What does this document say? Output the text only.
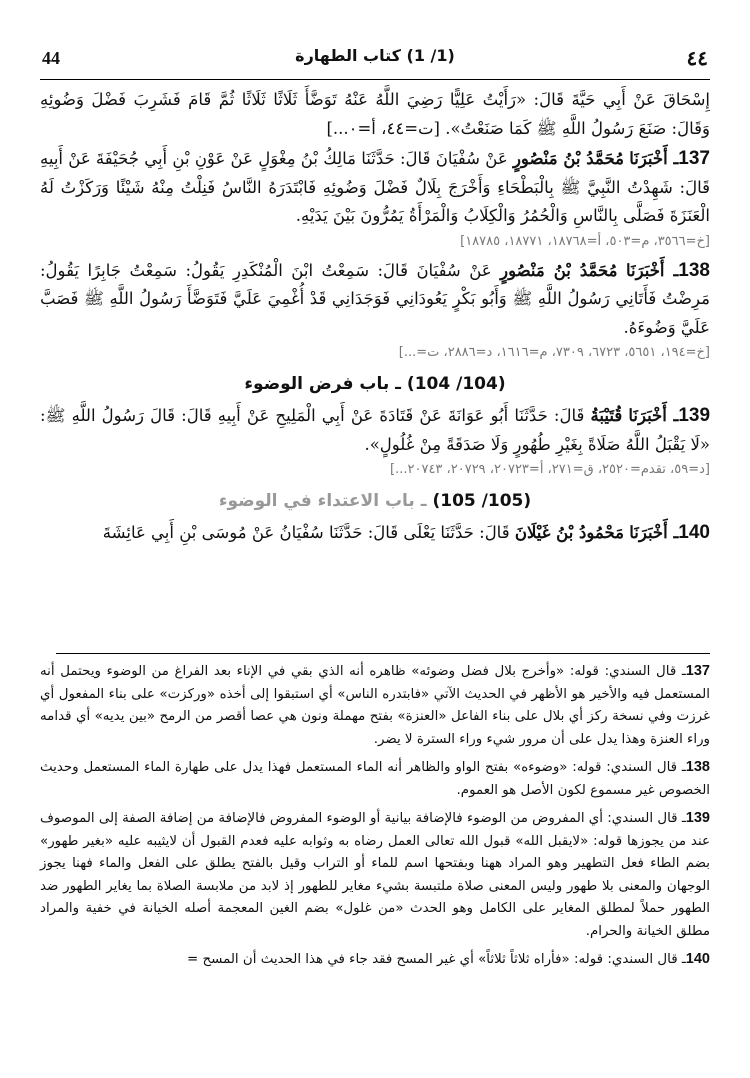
44	(1/ 1) كتاب الطهارة	٤٤

إِسْحَاقَ عَنْ أَبِي حَيَّةَ قَالَ: «رَأَيْتُ عَلِيًّا رَضِيَ اللَّهُ عَنْهُ تَوَضَّأَ ثَلَاثًا ثَلَاثًا ثُمَّ قَامَ فَشَرِبَ فَضْلَ وَضُوئِهِ وَقَالَ: صَنَعَ رَسُولُ اللَّهِ ﷺ كَمَا صَنَعْتُ». [ت=٤٤، أ=٠...]

137ـ أَخْبَرَنَا مُحَمَّدُ بْنُ مَنْصُورٍ عَنْ سُفْيَانَ قَالَ: حَدَّثَنَا مَالِكُ بْنُ مِغْوَلٍ عَنْ عَوْنِ بْنِ أَبِي جُحَيْفَةَ عَنْ أَبِيهِ قَالَ: شَهِدْتُ النَّبِيَّ ﷺ بِالْبَطْحَاءِ وَأَخْرَجَ بِلَالٌ فَضْلَ وَضُوئِهِ فَابْتَدَرَهُ النَّاسُ فَنِلْتُ مِنْهُ شَيْئًا وَرَكَزْتُ لَهُ الْعَنَزَةَ فَصَلَّى بِالنَّاسِ وَالْحُمُرُ وَالْكِلَابُ وَالْمَرْأَةُ يَمُرُّونَ بَيْنَ يَدَيْهِ.

[خ=٣٥٦٦، م=٥٠٣، أ=١٨٧٦٨، ١٨٧٧١، ١٨٧٨٥]

138ـ أَخْبَرَنَا مُحَمَّدُ بْنُ مَنْصُورٍ عَنْ سُفْيَانَ قَالَ: سَمِعْتُ ابْنَ الْمُنْكَدِرِ يَقُولُ: سَمِعْتُ جَابِرًا يَقُولُ: مَرِضْتُ فَأَتَانِي رَسُولُ اللَّهِ ﷺ وَأَبُو بَكْرٍ يَعُودَانِي فَوَجَدَانِي قَدْ أُغْمِيَ عَلَيَّ فَتَوَضَّأَ رَسُولُ اللَّهِ ﷺ فَصَبَّ عَلَيَّ وَضُوءَهُ.

[خ=١٩٤، ٥٦٥١، ٦٧٢٣، ٧٣٠٩، م=١٦١٦، د=٢٨٨٦، ت=...]

(104/ 104) ـ باب فرض الوضوء

139ـ أَخْبَرَنَا قُتَيْبَةُ قَالَ: حَدَّثَنَا أَبُو عَوَانَةَ عَنْ قَتَادَةَ عَنْ أَبِي الْمَلِيحِ عَنْ أَبِيهِ قَالَ: قَالَ رَسُولُ اللَّهِ ﷺ: «لَا يَقْبَلُ اللَّهُ صَلَاةً بِغَيْرِ طُهُورٍ وَلَا صَدَقَةً مِنْ غُلُولٍ».

[د=٥٩، تقدم=٢٥٢٠، ق=٢٧١، أ=٢٠٧٢٣، ٢٠٧٢٩، ٢٠٧٤٣...]

(105/ 105) ـ باب الاعتداء في الوضوء

140ـ أَخْبَرَنَا مَحْمُودُ بْنُ غَيْلَانَ قَالَ: حَدَّثَنَا يَعْلَى قَالَ: حَدَّثَنَا سُفْيَانُ عَنْ مُوسَى بْنِ أَبِي عَائِشَةَ

137ـ قال السندي: قوله: «وأخرج بلال فضل وضوئه» ظاهره أنه الذي بقي في الإناء بعد الفراغ من الوضوء ويحتمل أنه المستعمل فيه والأخير هو الأظهر في الحديث الآتي «فابتدره الناس» أي استبقوا إلى أخذه «وركزت» على بناء المفعول أي غرزت وفي نسخة ركز أي بلال على بناء الفاعل «العنزة» بفتح مهملة ونون هي عصا أقصر من الرمح «بين يديه» أي قدامه وراء العنزة وهذا يدل على أن مرور شيء وراء السترة لا يضر.

138ـ قال السندي: قوله: «وضوءه» بفتح الواو والظاهر أنه الماء المستعمل فهذا يدل على طهارة الماء المستعمل وحديث الخصوص غير مسموع لكون الأصل هو العموم.

139ـ قال السندي: أي المفروض من الوضوء فالإضافة بيانية أو الوضوء المفروض فالإضافة من إضافة الصفة إلى الموصوف عند من يجوزها قوله: «لايقبل الله» قبول الله تعالى العمل رضاه به وثوابه عليه فعدم القبول أن لايثيبه عليه «بغير طهور» بضم الطاء فعل التطهير وهو المراد ههنا وبفتحها اسم للماء أو التراب وقيل بالفتح يطلق على الفعل والماء فهنا يجوز الوجهان والمعنى بلا طهور وليس المعنى صلاة ملتبسة بشيء مغاير للطهور إذ لابد من ملابسة الصلاة بما يغاير الطهور ضد الطهور حملاً لمطلق المغاير على الكامل وهو الحدث «من غلول» بضم الغين المعجمة أصله الخيانة في خفية والمراد مطلق الخيانة والحرام.

140ـ قال السندي: قوله: «فأراه ثلاثاً ثلاثاً» أي غير المسح فقد جاء في هذا الحديث أن المسح =
